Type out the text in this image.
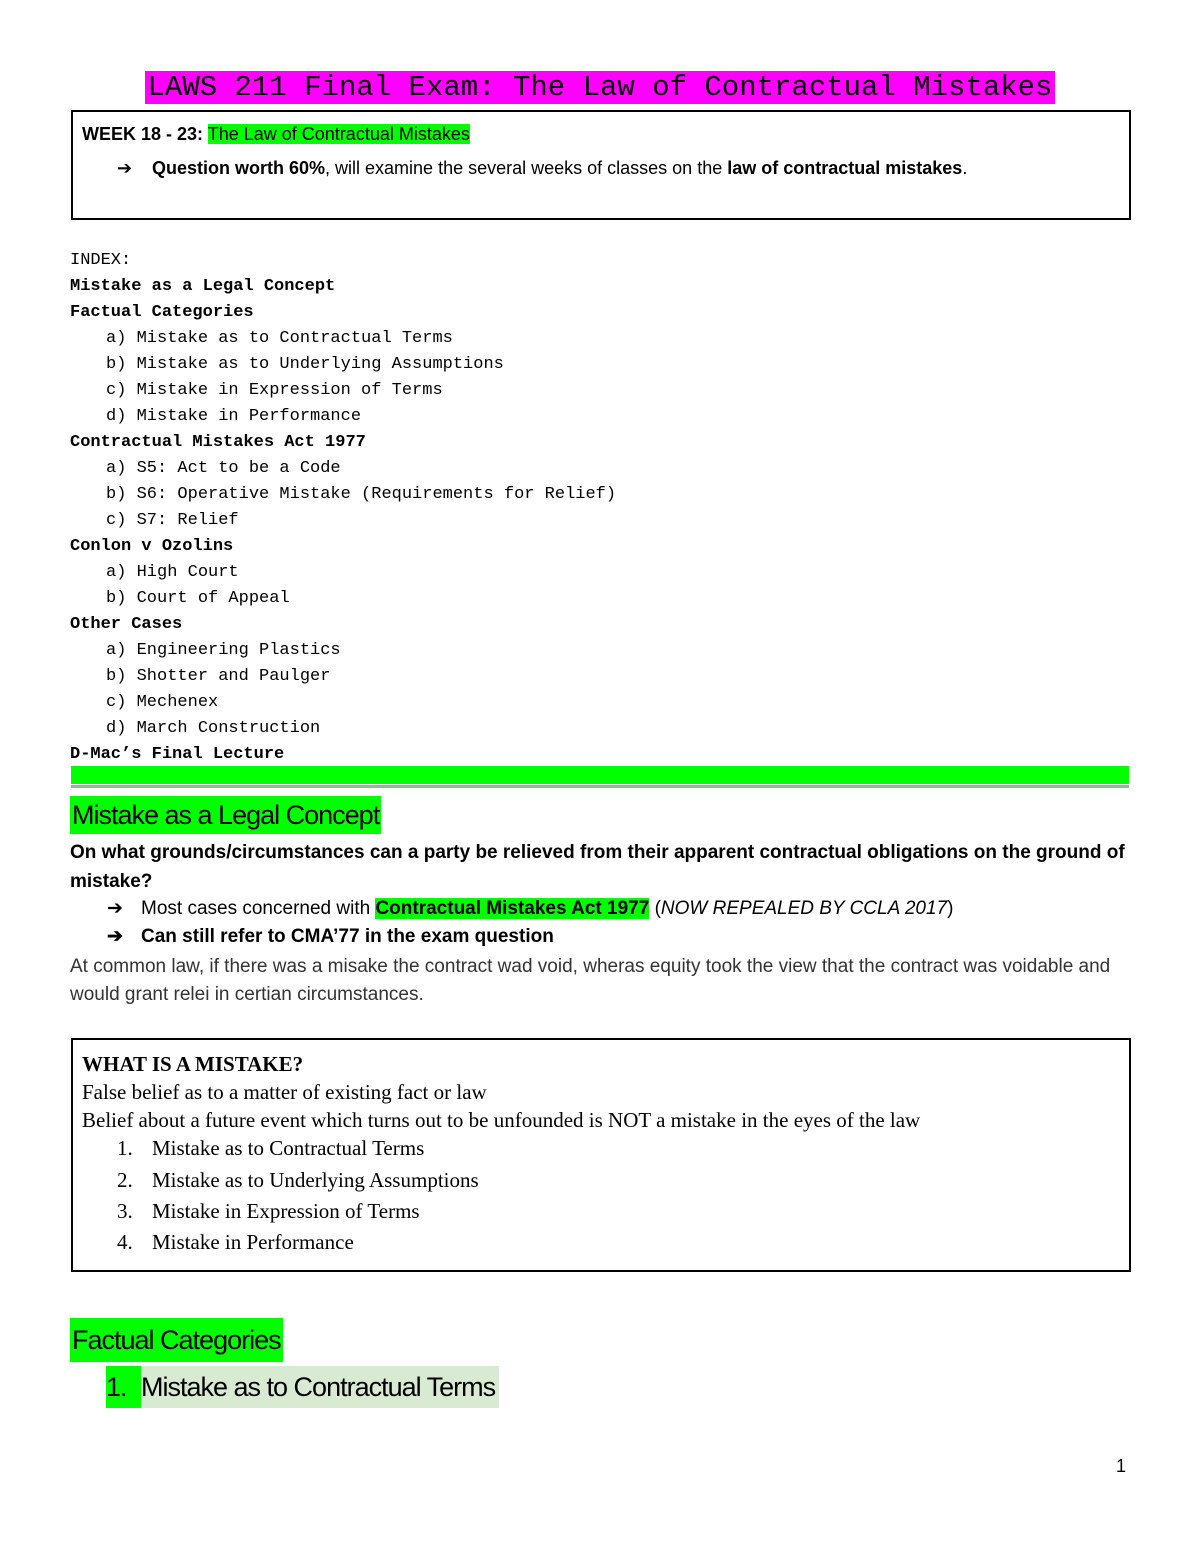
LAWS 211 Final Exam: The Law of Contractual Mistakes
WEEK 18 - 23: The Law of Contractual Mistakes
➔	Question worth 60%, will examine the several weeks of classes on the law of contractual mistakes.
INDEX:
Mistake as a Legal Concept
Factual Categories
a) Mistake as to Contractual Terms
b) Mistake as to Underlying Assumptions
c) Mistake in Expression of Terms
d) Mistake in Performance
Contractual Mistakes Act 1977
a) S5: Act to be a Code
b) S6: Operative Mistake (Requirements for Relief)
c) S7: Relief
Conlon v Ozolins
a) High Court
b) Court of Appeal
Other Cases
a) Engineering Plastics
b) Shotter and Paulger
c) Mechenex
d) March Construction
D-Mac’s Final Lecture
Mistake as a Legal Concept
On what grounds/circumstances can a party be relieved from their apparent contractual obligations on the ground of mistake?
➔ Most cases concerned with Contractual Mistakes Act 1977 (NOW REPEALED BY CCLA 2017)
➔ Can still refer to CMA’77 in the exam question
At common law, if there was a misake the contract wad void, wheras equity took the view that the contract was voidable and would grant relei in certian circumstances.
WHAT IS A MISTAKE?
False belief as to a matter of existing fact or law
Belief about a future event which turns out to be unfounded is NOT a mistake in the eyes of the law
1. Mistake as to Contractual Terms
2. Mistake as to Underlying Assumptions
3. Mistake in Expression of Terms
4. Mistake in Performance
Factual Categories
1. Mistake as to Contractual Terms
1
